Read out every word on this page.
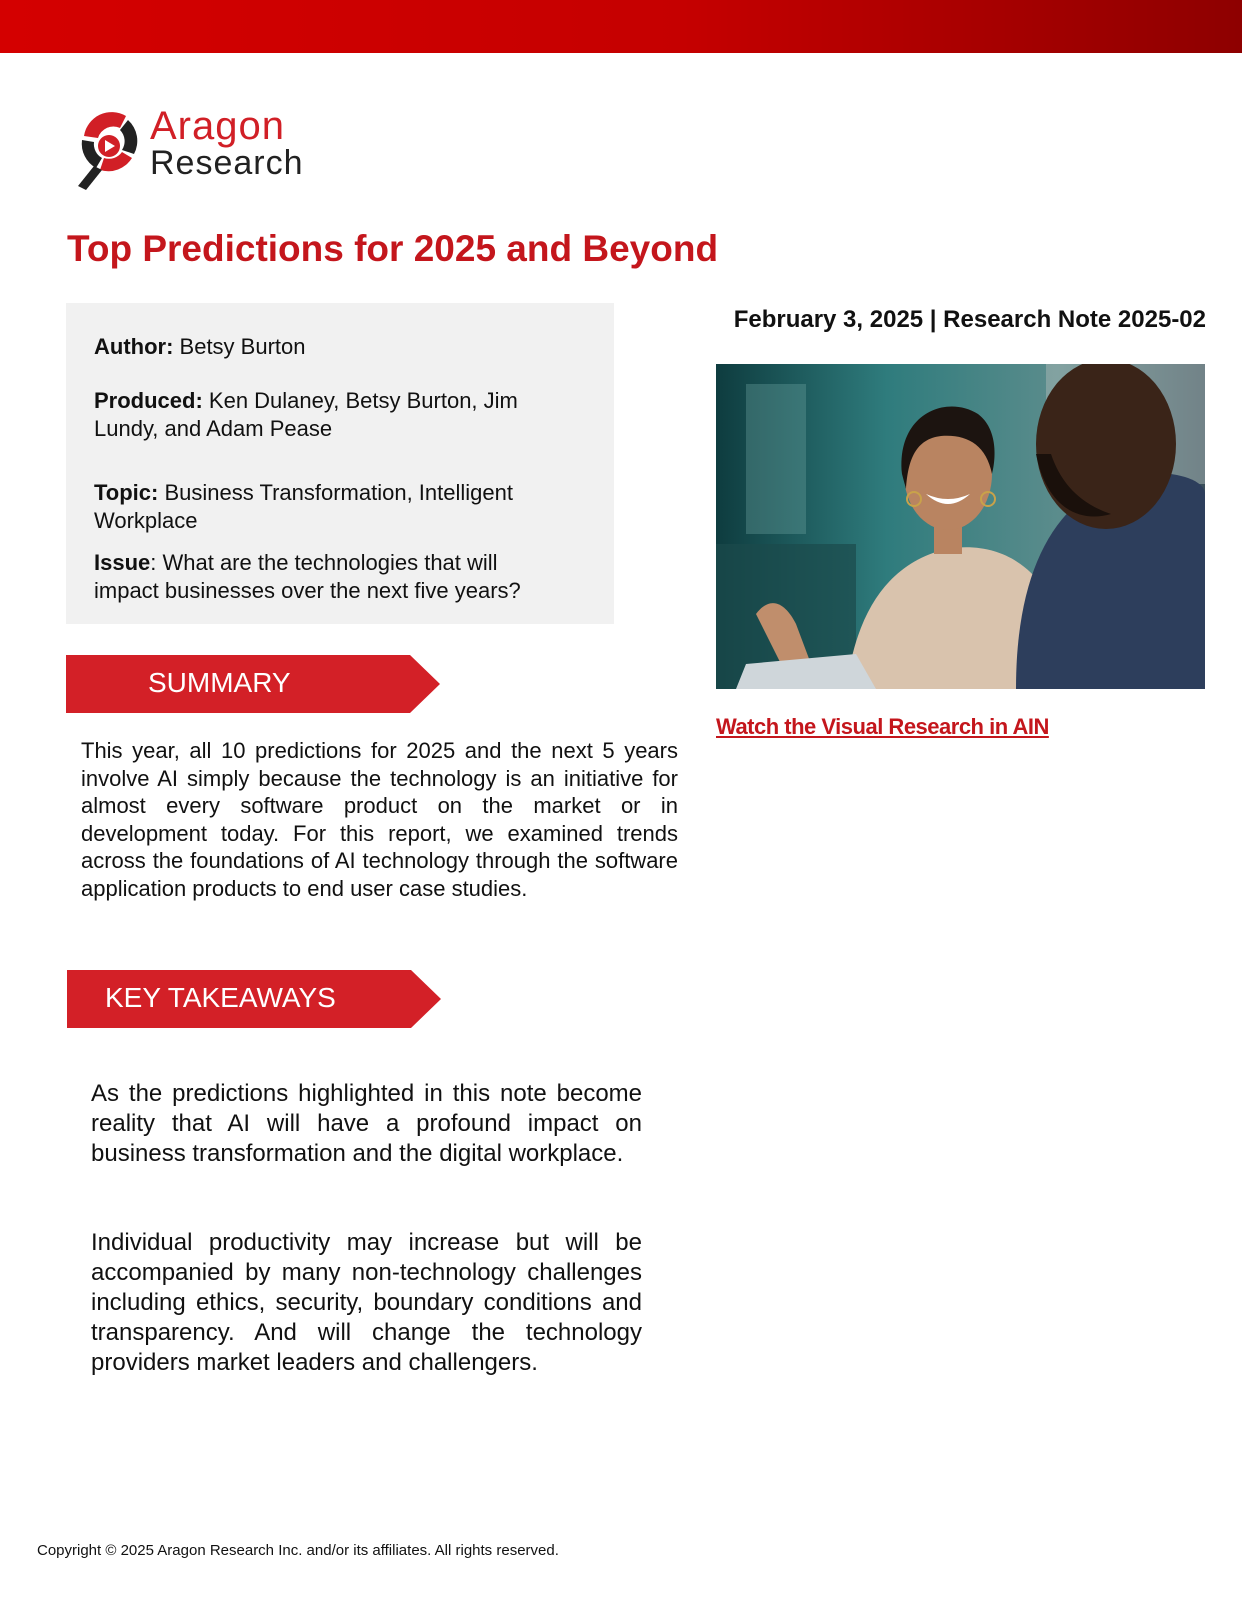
Aragon
Research
Top Predictions for 2025 and Beyond
Author: Betsy Burton
Produced: Ken Dulaney, Betsy Burton, Jim Lundy, and Adam Pease
Topic: Business Transformation, Intelligent Workplace
Issue: What are the technologies that will impact businesses over the next five years?
February 3, 2025 | Research Note 2025-02
Watch the Visual Research in AIN
SUMMARY

This year, all 10 predictions for 2025 and the next 5 years involve AI simply because the technology is an initiative for almost every software product on the market or in development today. For this report, we examined trends across the foundations of AI technology through the software application products to end user case studies.

KEY TAKEAWAYS

As the predictions highlighted in this note become reality that AI will have a profound impact on business transformation and the digital workplace.

Individual productivity may increase but will be accompanied by many non-technology challenges including ethics, security, boundary conditions and transparency. And will change the technology providers market leaders and challengers.

Copyright © 2025 Aragon Research Inc. and/or its affiliates. All rights reserved.
